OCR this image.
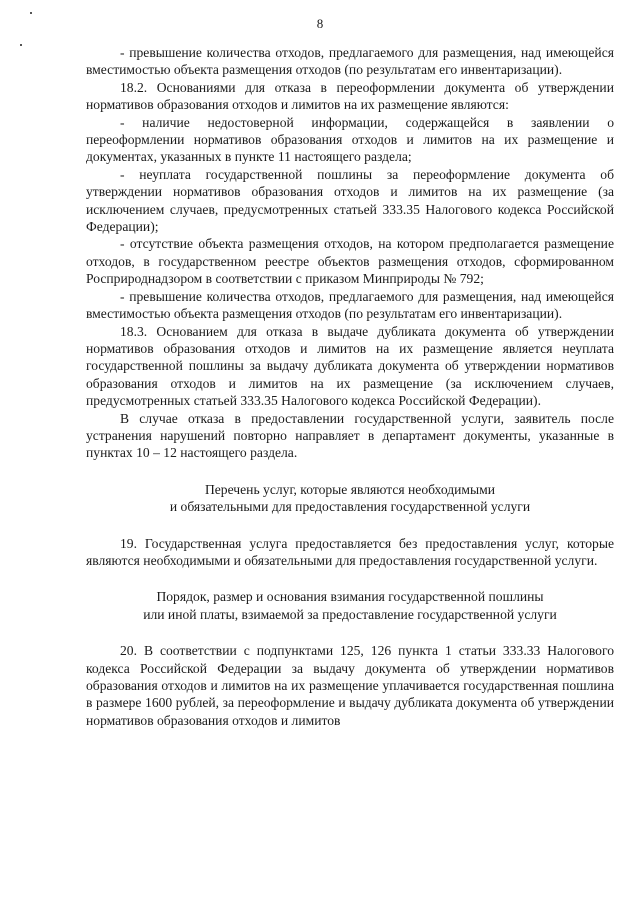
8

- превышение количества отходов, предлагаемого для размещения, над имеющейся вместимостью объекта размещения отходов (по результатам его инвентаризации).

18.2. Основаниями для отказа в переоформлении документа об утверждении нормативов образования отходов и лимитов на их размещение являются:

- наличие недостоверной информации, содержащейся в заявлении о переоформлении нормативов образования отходов и лимитов на их размещение и документах, указанных в пункте 11 настоящего раздела;

- неуплата государственной пошлины за переоформление документа об утверждении нормативов образования отходов и лимитов на их размещение (за исключением случаев, предусмотренных статьей 333.35 Налогового кодекса Российской Федерации);

- отсутствие объекта размещения отходов, на котором предполагается размещение отходов, в государственном реестре объектов размещения отходов, сформированном Росприроднадзором в соответствии с приказом Минприроды № 792;

- превышение количества отходов, предлагаемого для размещения, над имеющейся вместимостью объекта размещения отходов (по результатам его инвентаризации).

18.3. Основанием для отказа в выдаче дубликата документа об утверждении нормативов образования отходов и лимитов на их размещение является неуплата государственной пошлины за выдачу дубликата документа об утверждении нормативов образования отходов и лимитов на их размещение (за исключением случаев, предусмотренных статьей 333.35 Налогового кодекса Российской Федерации).

В случае отказа в предоставлении государственной услуги, заявитель после устранения нарушений повторно направляет в департамент документы, указанные в пунктах 10 – 12 настоящего раздела.

Перечень услуг, которые являются необходимыми
и обязательными для предоставления государственной услуги

19. Государственная услуга предоставляется без предоставления услуг, которые являются необходимыми и обязательными для предоставления государственной услуги.

Порядок, размер и основания взимания государственной пошлины
или иной платы, взимаемой за предоставление государственной услуги

20. В соответствии с подпунктами 125, 126 пункта 1 статьи 333.33 Налогового кодекса Российской Федерации за выдачу документа об утверждении нормативов образования отходов и лимитов на их размещение уплачивается государственная пошлина в размере 1600 рублей, за переоформление и выдачу дубликата документа об утверждении нормативов образования отходов и лимитов
